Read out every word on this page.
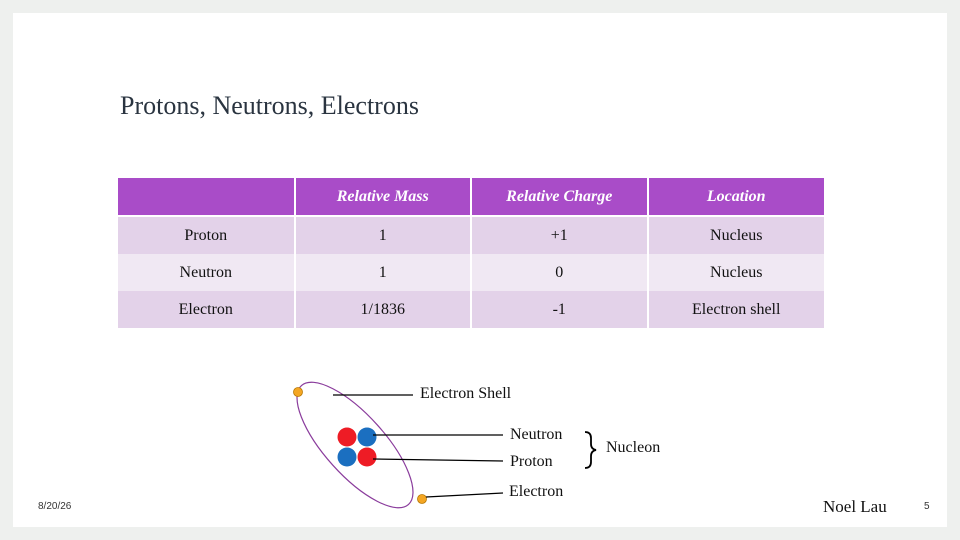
Protons, Neutrons, Electrons
	Relative Mass	Relative Charge	Location
Proton	1	+1	Nucleus
Neutron	1	0	Nucleus
Electron	1/1836	-1	Electron shell
Electron Shell
Neutron
Proton
Nucleon
Electron
8/20/26	Noel Lau	5
